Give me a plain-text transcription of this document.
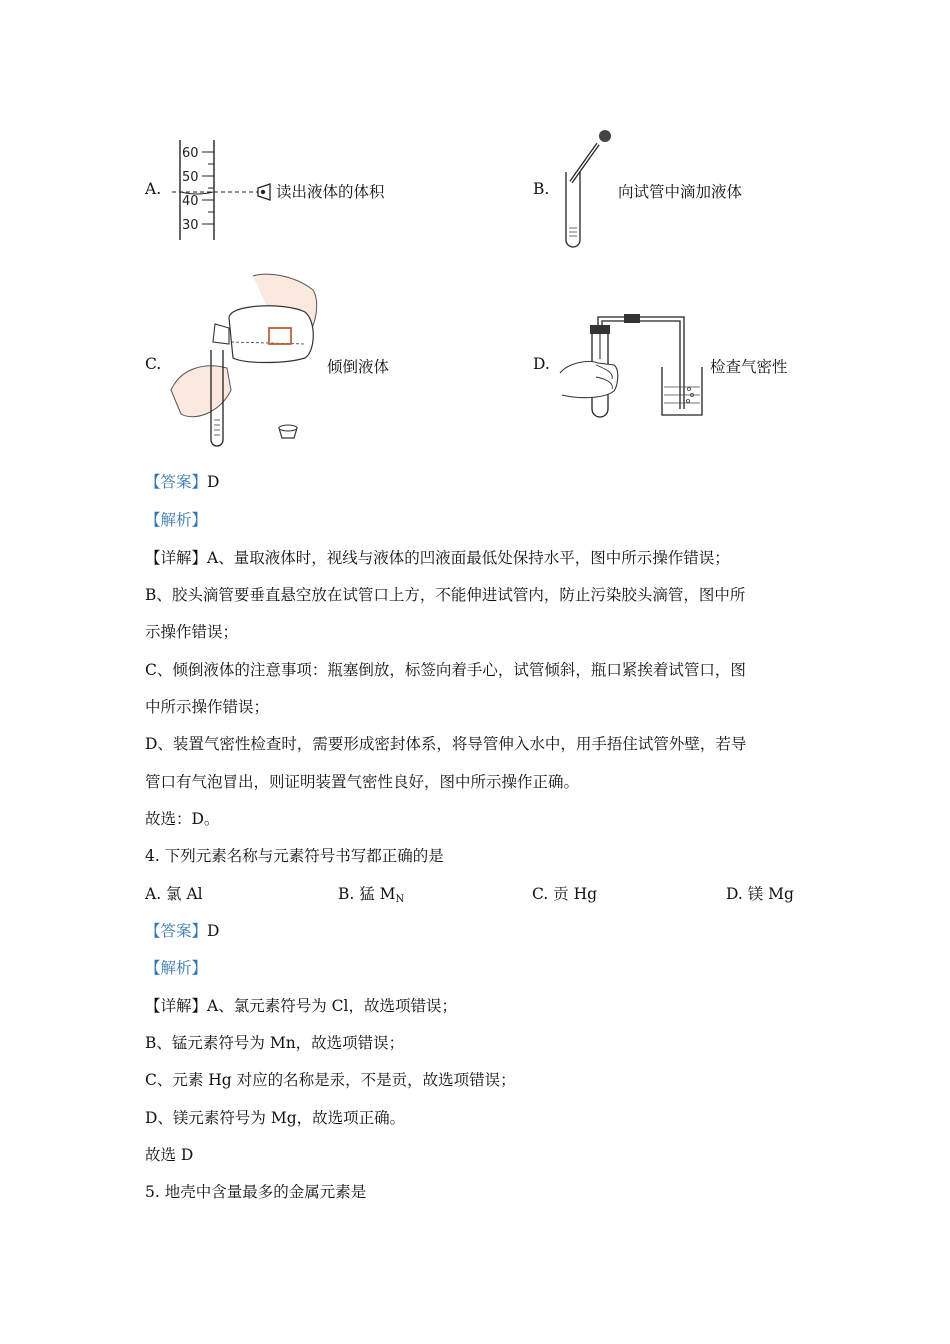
A.
60
50
40
30
读出液体的体积	B.	向试管中滴加液体
C.	倾倒液体	D.	检查气密性
【答案】D
【解析】
【详解】A、量取液体时，视线与液体的凹液面最低处保持水平，图中所示操作错误；
B、胶头滴管要垂直悬空放在试管口上方，不能伸进试管内，防止污染胶头滴管，图中所
示操作错误；
C、倾倒液体的注意事项：瓶塞倒放，标签向着手心，试管倾斜，瓶口紧挨着试管口，图
中所示操作错误；
D、装置气密性检查时，需要形成密封体系，将导管伸入水中，用手捂住试管外壁，若导
管口有气泡冒出，则证明装置气密性良好，图中所示操作正确。
故选：D。
4. 下列元素名称与元素符号书写都正确的是
A. 氯 Al	B. 猛 $M_N$	C. 贡 Hg	D. 镁 Mg
【答案】D
【解析】
【详解】A、氯元素符号为 Cl，故选项错误；
B、锰元素符号为 Mn，故选项错误；
C、元素 Hg 对应的名称是汞，不是贡，故选项错误；
D、镁元素符号为 Mg，故选项正确。
故选 D
5. 地壳中含量最多的金属元素是
